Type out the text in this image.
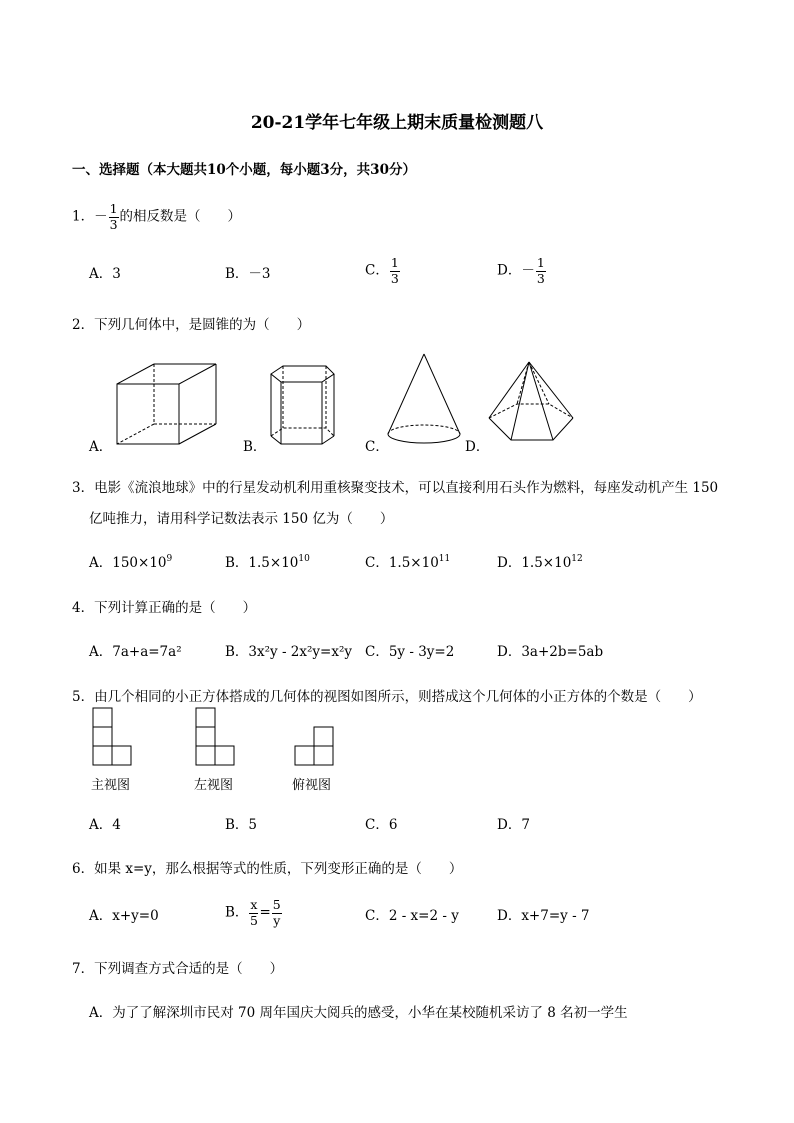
20-21学年七年级上期末质量检测题八
一、选择题（本大题共10个小题，每小题3分，共30分）
1．－ $\frac{1}{3}$ 的相反数是（　　）
A．3	B．－3	C． $\frac{1}{3}$	D．－ $\frac{1}{3}$
2．下列几何体中，是圆锥的为（　　）
A．	B．	C．	D．
3．电影《流浪地球》中的行星发动机利用重核聚变技术，可以直接利用石头作为燃料，每座发动机产生 150
亿吨推力，请用科学记数法表示 150 亿为（　　）
A．$150\times 10^9$	B．$1.5\times 10^{10}$	C．$1.5\times 10^{11}$	D．$1.5\times 10^{12}$
4．下列计算正确的是（　　）
A．7a+a=7a²	B．3x²y - 2x²y=x²y C．5y - 3y=2	D．3a+2b=5ab
5．由几个相同的小正方体搭成的几何体的视图如图所示，则搭成这个几何体的小正方体的个数是（　　）
主视图	左视图	俯视图
A．4	B．5	C．6	D．7
6．如果 x=y，那么根据等式的性质，下列变形正确的是（　　）
A．x+y=0	B． $\frac{x}{5} = \frac{5}{y}$	C．2 - x=2 - y	D．x+7=y - 7
7．下列调查方式合适的是（　　）
A．为了了解深圳市民对 70 周年国庆大阅兵的感受，小华在某校随机采访了 8 名初一学生
